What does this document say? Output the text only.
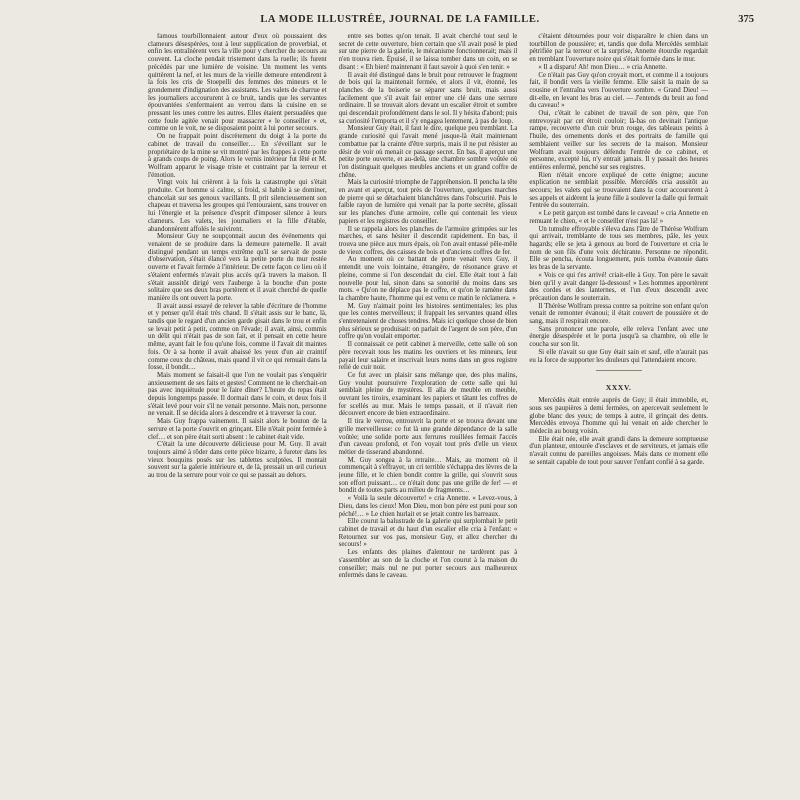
LA MODE ILLUSTRÉE, JOURNAL DE LA FAMILLE.	375

famous tourbillonnaient autour d'eux où poussaient des clameurs désespérées, tout à leur supplication de proverbial, et enfin les entraînèrent vers la ville pour y chercher du secours au couvent. La cloche pendait tristement dans la ruelle; ils furent précédés par une lumière de voisine. Un moment les vents quittèrent la nef, et les murs de la vieille demeure entendirent à la fois les cris de Stoepelli des femmes des mineurs et le grondement d'indignation des assistants. Les valets de charrue et les journaliers accoururent à ce bruit, tandis que les servantes épouvantées s'enfermaient au verrou dans la cuisine en se pressant les unes contre les autres. Elles étaient persuadées que cette foule agitée venait pour massacrer « le conseiller » et, comme on le voit, ne se disposaient point à lui porter secours.

On ne frappait point discrètement du doigt à la porte du cabinet de travail du conseiller… En s'éveillant sur le propriétaire de la mine se vit montré par les frappes à cette porte à grands coups de poing. Alors le vernis intérieur fut fêté et M. Wolfram apparut le visage triste et contraint par la terreur et l'émotion.

Vingt voix lui crièrent à la fois la catastrophe qui s'était produite. Cet homme si calme, si froid, si habile à se dominer, chancelait sur ses genoux vacillants. Il prit silencieusement son chapeau et traversa les groupes qui l'entouraient, sans trouver en lui l'énergie et la présence d'esprit d'imposer silence à leurs clameurs. Les valets, les journaliers et la fille d'étable, abandonnèrent affolés le suivirent.

Monsieur Guy ne soupçonnait aucun des événements qui venaient de se produire dans la demeure paternelle. Il avait distingué pendant un temps extrême qu'il se servait de poste d'observation, s'était élancé vers la petite porte du mur restée ouverte et l'avait fermée à l'intérieur. De cette façon ce lieu où il s'étaient enfermés n'avait plus accès qu'à travers la maison. Il s'était aussitôt dirigé vers l'auberge à la bouche d'un poste solitaire que ses deux bras portèrent et il avait cherché de quelle manière ils ont ouvert la porte.

Il avait aussi essayé de relever la table d'écriture de l'homme et y penser qu'il était très chaud. Il s'était assis sur le banc, là, tandis que le regard d'un ancien garde gisait dans le trou et enfin se levait petit à petit, comme on l'évade; il avait, ainsi, commis un délit qui n'était pas de son fait, et il pensait en cette heure même, ayant fait le fou qu'une fois, comme il l'avait dit maintes fois. Or à sa honte il avait abaissé les yeux d'un air craintif comme ceux du château, mais quand il vit ce qui remuait dans la fosse, il bondit…

Mais moment se faisait-il que l'on ne voulait pas s'enquérir anxieusement de ses faits et gestes! Comment ne le cherchait-on pas avec inquiétude pour le faire dîner? L'heure du repas était depuis longtemps passée. Il dormait dans le coin, et deux fois il s'était levé pour voir s'il ne venait personne. Mais non, personne ne venait. Il se décida alors à descendre et à traverser la cour.

Mais Guy frappa vainement. Il saisit alors le bouton de la serrure et la porte s'ouvrit en grinçant. Elle n'était point fermée à clef… et son père était sorti absent : le cabinet était vide.

C'était la une découverte délicieuse pour M. Guy. Il avait toujours aimé à rôder dans cette pièce bizarre, à fureter dans les vieux bouquins posés sur les tablettes sculptées. Il montait souvent sur la galerie intérieure et, de là, pressait un œil curieux au trou de la serrure pour voir ce qui se passait au dehors.

entre ses bottes qu'on tenait. Il avait cherché tout seul le secret de cette ouverture, bien certain que s'il avait posé le pied sur une pierre de la galerie, le mécanisme fonctionnerait; mais il n'en trouva rien. Épuisé, il se laissa tomber dans un coin, en se disant : « Eh bien! maintenant il faut savoir à quoi s'en tenir. »

Il avait été distingué dans le bruit pour retrouver le fragment de bois qui la maintenait fermée, et alors il vit, étonné, les planches de la boiserie se séparer sans bruit, mais aussi facilement que s'il avait fait entrer une clé dans une serrure ordinaire. Il se trouvait alors devant un escalier étroit et sombre qui descendait profondément dans le sol. Il y hésita d'abord; puis sa curiosité l'emporta et il s'y engagea lentement, à pas de loup.

Monsieur Guy était, il faut le dire, quelque peu tremblant. La grande curiosité qui l'avait mené jusque-là était maintenant combattue par la crainte d'être surpris, mais il ne put résister au désir de voir où menait ce passage secret. En bas, il aperçut une petite porte ouverte, et au-delà, une chambre sombre voûtée où l'on distinguait quelques meubles anciens et un grand coffre de chêne.

Mais la curiosité triomphe de l'appréhension. Il pencha la tête en avant et aperçut, tout près de l'ouverture, quelques marches de pierre qui se détachaient blanchâtres dans l'obscurité. Puis le faible rayon de lumière qui venait par la porte secrète, glissait sur les planches d'une armoire, celle qui contenait les vieux papiers et les registres du conseiller.

Il se rappela alors les planches de l'armoire grimpées sur les marches, et sans hésiter il descendit rapidement. En bas, il trouva une pièce aux murs épais, où l'on avait entassé pêle-mêle de vieux coffres, des caisses de bois et d'anciens coffres de fer.

Au moment où ce battant de porte venait vers Guy, il entendit une voix lointaine, étrangère, de résonance grave et pleine, comme si l'on descendait du ciel. Elle était tout à fait nouvelle pour lui, sinon dans sa sonorité du moins dans ses mots. « Qu'on ne déplace pas le coffre, et qu'on le ramène dans la chambre haute, l'homme qui est venu ce matin le réclamera. »

M. Guy n'aimait point les histoires sentimentales; les plus que les contes merveilleux; il frappait les servantes quand elles s'entretenaient de choses tendres. Mais ici quelque chose de bien plus sérieux se produisait: on parlait de l'argent de son père, d'un coffre qu'on voulait emporter.

Il connaissait ce petit cabinet à merveille, cette salle où son père recevait tous les matins les ouvriers et les mineurs, leur payait leur salaire et inscrivait leurs noms dans un gros registre relié de cuir noir.

Ce fut avec un plaisir sans mélange que, des plus malins, Guy voulut poursuivre l'exploration de cette salle qui lui semblait pleine de mystères. Il alla de meuble en meuble, ouvrant les tiroirs, examinant les papiers et tâtant les coffres de fer scellés au mur. Mais le temps passait, et il n'avait rien découvert encore de bien extraordinaire.

Il tira le verrou, entrouvrit la porte et se trouva devant une grille merveilleuse: ce fut là une grande dépendance de la salle voûtée; une solide porte aux ferrures rouillées fermait l'accès d'un caveau profond, et l'on voyait tout près d'elle un vieux métier de tisserand abandonné.

M. Guy songea à la retraite… Mais, au moment où il commençait à s'effrayer, un cri terrible s'échappa des lèvres de la jeune fille, et le chien bondit contre la grille, qui s'ouvrit sous son effort puissant… ce n'était donc pas une grille de fer! — et bondit de toutes parts au milieu de fragments…

« Voilà la seule découverte! » cria Annette. « Levez-vous, à Dieu, dans les cieux! Mon Dieu, mon bon père est puni pour son péché!… » Le chien hurlait et se jetait contre les barreaux.

Elle courut la balustrade de la galerie qui surplombait le petit cabinet de travail et du haut d'un escalier elle cria à l'enfant: « Retournez sur vos pas, monsieur Guy, et allez chercher du secours! »

Les enfants des plaines d'alentour ne tardèrent pas à s'assembler au son de la cloche et l'on courut à la maison du conseiller; mais nul ne put porter secours aux malheureux enfermés dans le caveau.

c'étaient détournées pour voir disparaître le chien dans un tourbillon de poussière; et, tandis que doña Mercédès semblait pétrifiée par la terreur et la surprise, Annette étourdie regardait en tremblant l'ouverture noire qui s'était formée dans le mur.

« Il a disparu! Ah! mon Dieu… » cria Annette.

Ce n'était pas Guy qu'on croyait mort, et comme il a toujours fait, il bondit vers la vieille femme. Elle saisit la main de sa cousine et l'entraîna vers l'ouverture sombre. « Grand Dieu! — dit-elle, en levant les bras au ciel. — J'entends du bruit au fond du caveau! »

Oui, c'était le cabinet de travail de son père, que l'on entrevoyait par cet étroit couloir; là-bas on devinait l'antique rampe, recouverte d'un cuir brun rouge, des tableaux peints à l'huile, des ornements dorés et des portraits de famille qui semblaient veiller sur les secrets de la maison. Monsieur Wolfram avait toujours défendu l'entrée de ce cabinet, et personne, excepté lui, n'y entrait jamais. Il y passait des heures entières enfermé, penché sur ses registres.

Rien n'était encore expliqué de cette énigme; aucune explication ne semblait possible. Mercédès cria aussitôt au secours; les valets qui se trouvaient dans la cour accoururent à ses appels et aidèrent la jeune fille à soulever la dalle qui fermait l'entrée du souterrain.

« Le petit garçon est tombé dans le caveau! » cria Annette en remuant le chien, « et le conseiller n'est pas là! »

Un tumulte effroyable s'éleva dans l'âtre de Thérèse Wolfram qui arrivait, tremblante de tous ses membres, pâle, les yeux hagards; elle se jeta à genoux au bord de l'ouverture et cria le nom de son fils d'une voix déchirante. Personne ne répondit. Elle se pencha, écouta longuement, puis tomba évanouie dans les bras de la servante.

« Vois ce qui t'es arrivé! criait-elle à Guy. Ton père le savait bien qu'il y avait danger là-dessous! » Les hommes apportèrent des cordes et des lanternes, et l'un d'eux descendit avec précaution dans le souterrain.

Il Thérèse Wolfram pressa contre sa poitrine son enfant qu'on venait de remonter évanoui; il était couvert de poussière et de sang, mais il respirait encore.

Sans prononcer une parole, elle releva l'enfant avec une énergie désespérée et le porta jusqu'à sa chambre, où elle le coucha sur son lit.

Si elle n'avait su que Guy était sain et sauf, elle n'aurait pas eu la force de supporter les douleurs qui l'attendaient encore.

XXXV.

Mercédès était entrée auprès de Guy; il était immobile, et, sous ses paupières à demi fermées, on apercevait seulement le globe blanc des yeux; de temps à autre, il grinçait des dents. Mercédès envoya l'homme qui lui venait en aide chercher le médecin au bourg voisin.

Elle était née, elle avait grandi dans la demeure somptueuse d'un planteur, entourée d'esclaves et de serviteurs, et jamais elle n'avait connu de pareilles angoisses. Mais dans ce moment elle se sentait capable de tout pour sauver l'enfant confié à sa garde.
